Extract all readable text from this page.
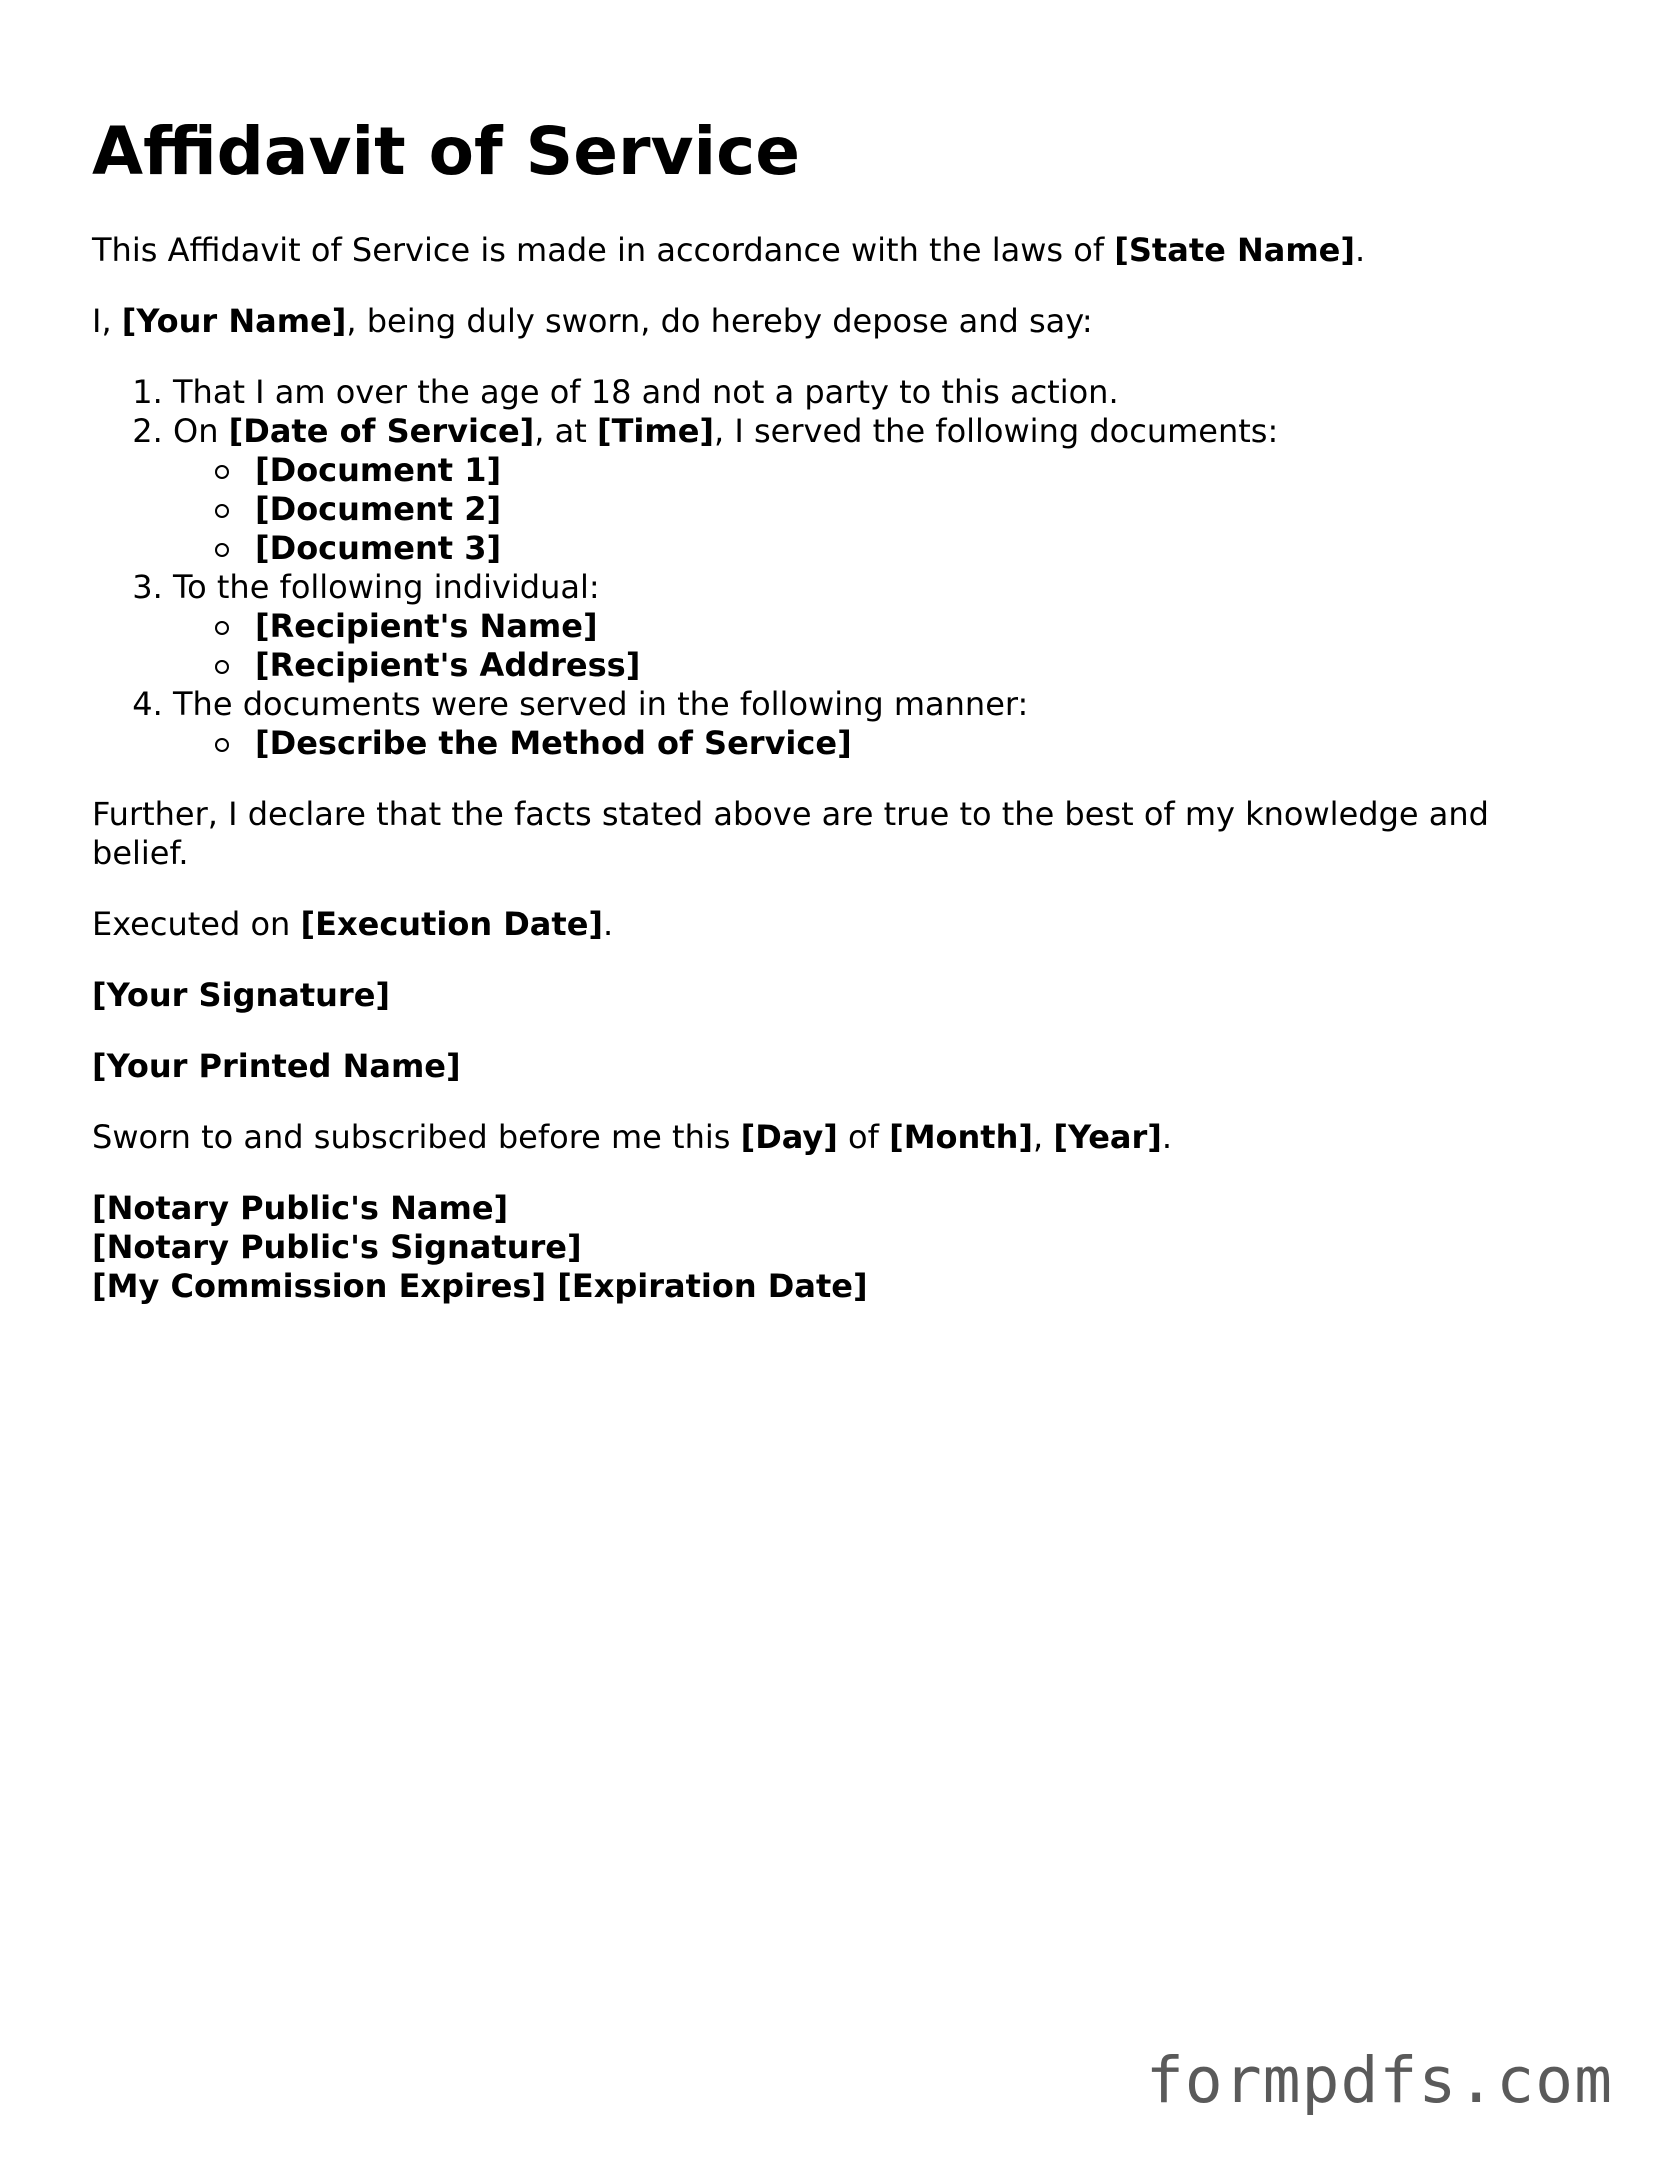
Affidavit of Service

This Affidavit of Service is made in accordance with the laws of [State Name].

I, [Your Name], being duly sworn, do hereby depose and say:

1. That I am over the age of 18 and not a party to this action.
2. On [Date of Service], at [Time], I served the following documents:
[Document 1]
[Document 2]
[Document 3]
3. To the following individual:
[Recipient's Name]
[Recipient's Address]
4. The documents were served in the following manner:
[Describe the Method of Service]

Further, I declare that the facts stated above are true to the best of my knowledge and belief.

Executed on [Execution Date].

[Your Signature]

[Your Printed Name]

Sworn to and subscribed before me this [Day] of [Month], [Year].

[Notary Public's Name]

[Notary Public's Signature]

[My Commission Expires] [Expiration Date]

formpdfs.com
